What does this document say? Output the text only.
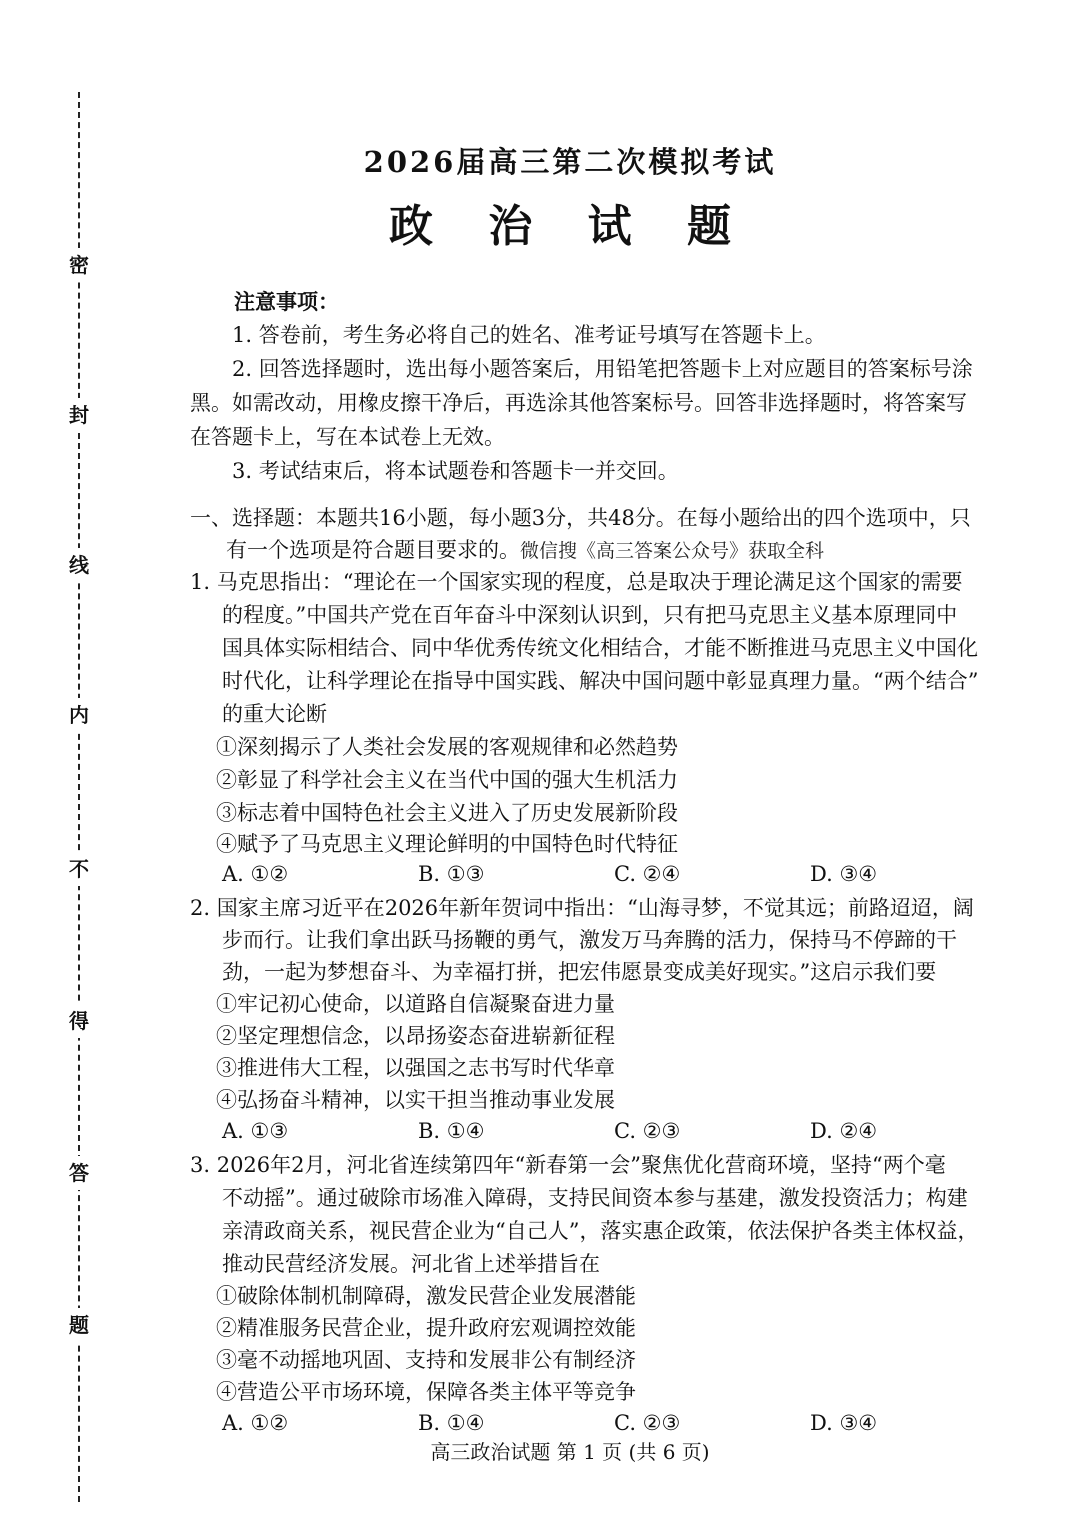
密
封
线
内
不
得
答
题
2026届高三第二次模拟考试
政 治 试 题
注意事项：
1. 答卷前，考生务必将自己的姓名、准考证号填写在答题卡上。
2. 回答选择题时，选出每小题答案后，用铅笔把答题卡上对应题目的答案标号涂
黑。如需改动，用橡皮擦干净后，再选涂其他答案标号。回答非选择题时，将答案写
在答题卡上，写在本试卷上无效。
3. 考试结束后，将本试题卷和答题卡一并交回。
一、选择题：本题共16小题，每小题3分，共48分。在每小题给出的四个选项中，只
有一个选项是符合题目要求的。微信搜《高三答案公众号》获取全科
1. 马克思指出：“理论在一个国家实现的程度，总是取决于理论满足这个国家的需要
的程度。”中国共产党在百年奋斗中深刻认识到，只有把马克思主义基本原理同中
国具体实际相结合、同中华优秀传统文化相结合，才能不断推进马克思主义中国化
时代化，让科学理论在指导中国实践、解决中国问题中彰显真理力量。“两个结合”
的重大论断
①深刻揭示了人类社会发展的客观规律和必然趋势
②彰显了科学社会主义在当代中国的强大生机活力
③标志着中国特色社会主义进入了历史发展新阶段
④赋予了马克思主义理论鲜明的中国特色时代特征
A. ①②	B. ①③	C. ②④	D. ③④
2. 国家主席习近平在2026年新年贺词中指出：“山海寻梦，不觉其远；前路迢迢，阔
步而行。让我们拿出跃马扬鞭的勇气，激发万马奔腾的活力，保持马不停蹄的干
劲，一起为梦想奋斗、为幸福打拼，把宏伟愿景变成美好现实。”这启示我们要
①牢记初心使命，以道路自信凝聚奋进力量
②坚定理想信念，以昂扬姿态奋进崭新征程
③推进伟大工程，以强国之志书写时代华章
④弘扬奋斗精神，以实干担当推动事业发展
A. ①③	B. ①④	C. ②③	D. ②④
3. 2026年2月，河北省连续第四年“新春第一会”聚焦优化营商环境，坚持“两个毫
不动摇”。通过破除市场准入障碍，支持民间资本参与基建，激发投资活力；构建
亲清政商关系，视民营企业为“自己人”，落实惠企政策，依法保护各类主体权益，
推动民营经济发展。河北省上述举措旨在
①破除体制机制障碍，激发民营企业发展潜能
②精准服务民营企业，提升政府宏观调控效能
③毫不动摇地巩固、支持和发展非公有制经济
④营造公平市场环境，保障各类主体平等竞争
A. ①②	B. ①④	C. ②③	D. ③④
高三政治试题 第 1 页 (共 6 页)
